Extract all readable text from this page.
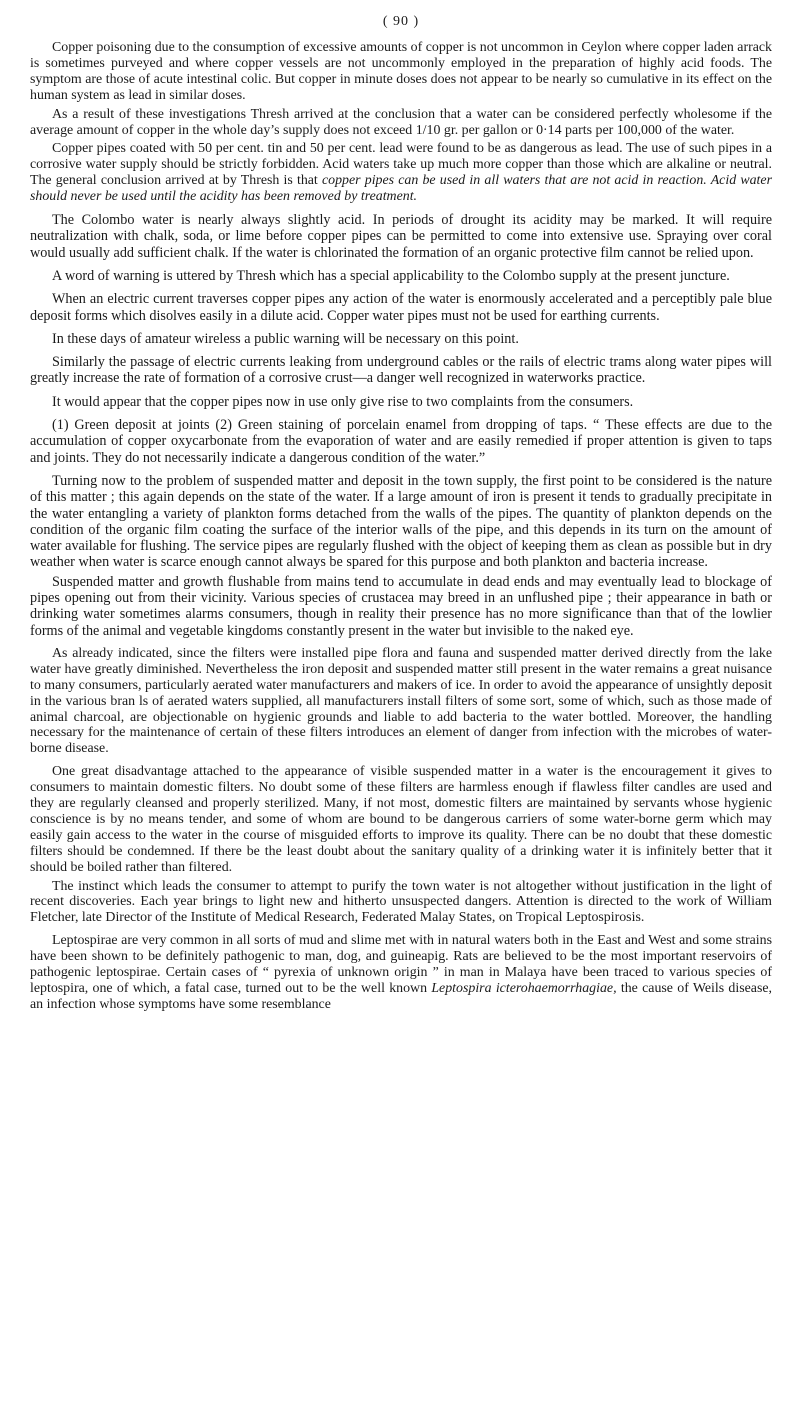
( 90 )

Copper poisoning due to the consumption of excessive amounts of copper is not uncommon in Ceylon where copper laden arrack is sometimes purveyed and where copper vessels are not uncommonly employed in the preparation of highly acid foods. The symptom are those of acute intestinal colic. But copper in minute doses does not appear to be nearly so cumulative in its effect on the human system as lead in similar doses.

As a result of these investigations Thresh arrived at the conclusion that a water can be considered perfectly wholesome if the average amount of copper in the whole day’s supply does not exceed 1/10 gr. per gallon or 0·14 parts per 100,000 of the water.

Copper pipes coated with 50 per cent. tin and 50 per cent. lead were found to be as dangerous as lead. The use of such pipes in a corrosive water supply should be strictly forbidden. Acid waters take up much more copper than those which are alkaline or neutral. The general conclusion arrived at by Thresh is that copper pipes can be used in all waters that are not acid in reaction. Acid water should never be used until the acidity has been removed by treatment.

The Colombo water is nearly always slightly acid. In periods of drought its acidity may be marked. It will require neutralization with chalk, soda, or lime before copper pipes can be permitted to come into extensive use. Spraying over coral would usually add sufficient chalk. If the water is chlorinated the formation of an organic protective film cannot be relied upon.

A word of warning is uttered by Thresh which has a special applicability to the Colombo supply at the present juncture.

When an electric current traverses copper pipes any action of the water is enormously accelerated and a perceptibly pale blue deposit forms which disolves easily in a dilute acid. Copper water pipes must not be used for earthing currents.

In these days of amateur wireless a public warning will be necessary on this point.

Similarly the passage of electric currents leaking from underground cables or the rails of electric trams along water pipes will greatly increase the rate of formation of a corrosive crust—a danger well recognized in waterworks practice.

It would appear that the copper pipes now in use only give rise to two complaints from the consumers.

(1) Green deposit at joints (2) Green staining of porcelain enamel from dropping of taps. “ These effects are due to the accumulation of copper oxycarbonate from the evaporation of water and are easily remedied if proper attention is given to taps and joints. They do not necessarily indicate a dangerous condition of the water.”

Turning now to the problem of suspended matter and deposit in the town supply, the first point to be considered is the nature of this matter ; this again depends on the state of the water. If a large amount of iron is present it tends to gradually precipitate in the water entangling a variety of plankton forms detached from the walls of the pipes. The quantity of plankton depends on the condition of the organic film coating the surface of the interior walls of the pipe, and this depends in its turn on the amount of water available for flushing. The service pipes are regularly flushed with the object of keeping them as clean as possible but in dry weather when water is scarce enough cannot always be spared for this purpose and both plankton and bacteria increase.

Suspended matter and growth flushable from mains tend to accumulate in dead ends and may eventually lead to blockage of pipes opening out from their vicinity. Various species of crustacea may breed in an unflushed pipe ; their appearance in bath or drinking water sometimes alarms consumers, though in reality their presence has no more significance than that of the lowlier forms of the animal and vegetable kingdoms constantly present in the water but invisible to the naked eye.

As already indicated, since the filters were installed pipe flora and fauna and suspended matter derived directly from the lake water have greatly diminished. Nevertheless the iron deposit and suspended matter still present in the water remains a great nuisance to many consumers, particularly aerated water manufacturers and makers of ice. In order to avoid the appearance of unsightly deposit in the various bran ls of aerated waters supplied, all manufacturers install filters of some sort, some of which, such as those made of animal charcoal, are objectionable on hygienic grounds and liable to add bacteria to the water bottled. Moreover, the handling necessary for the maintenance of certain of these filters introduces an element of danger from infection with the microbes of water-borne disease.

One great disadvantage attached to the appearance of visible suspended matter in a water is the encouragement it gives to consumers to maintain domestic filters. No doubt some of these filters are harmless enough if flawless filter candles are used and they are regularly cleansed and properly sterilized. Many, if not most, domestic filters are maintained by servants whose hygienic conscience is by no means tender, and some of whom are bound to be dangerous carriers of some water-borne germ which may easily gain access to the water in the course of misguided efforts to improve its quality. There can be no doubt that these domestic filters should be condemned. If there be the least doubt about the sanitary quality of a drinking water it is infinitely better that it should be boiled rather than filtered.

The instinct which leads the consumer to attempt to purify the town water is not altogether without justification in the light of recent discoveries. Each year brings to light new and hitherto unsuspected dangers. Attention is directed to the work of William Fletcher, late Director of the Institute of Medical Research, Federated Malay States, on Tropical Leptospirosis.

Leptospirae are very common in all sorts of mud and slime met with in natural waters both in the East and West and some strains have been shown to be definitely pathogenic to man, dog, and guineapig. Rats are believed to be the most important reservoirs of pathogenic leptospirae. Certain cases of “ pyrexia of unknown origin ” in man in Malaya have been traced to various species of leptospira, one of which, a fatal case, turned out to be the well known Leptospira icterohaemorrhagiae, the cause of Weils disease, an infection whose symptoms have some resemblance
